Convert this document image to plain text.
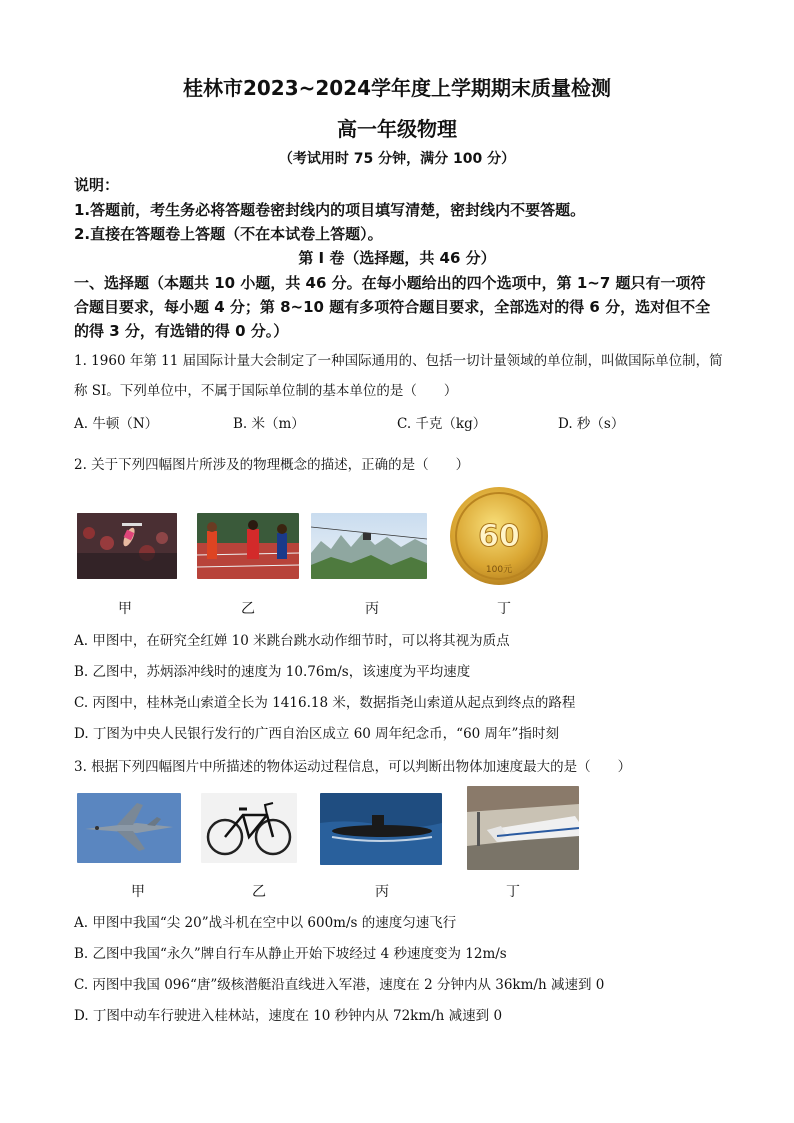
桂林市2023~2024学年度上学期期末质量检测
高一年级物理
（考试用时 75 分钟，满分 100 分）
说明：
1.答题前，考生务必将答题卷密封线内的项目填写清楚，密封线内不要答题。
2.直接在答题卷上答题（不在本试卷上答题）。
第 I 卷（选择题，共 46 分）
一、选择题（本题共 10 小题，共 46 分。在每小题给出的四个选项中，第 1~7 题只有一项符
合题目要求，每小题 4 分；第 8~10 题有多项符合题目要求，全部选对的得 6 分，选对但不全
的得 3 分，有选错的得 0 分。）
1. 1960 年第 11 届国际计量大会制定了一种国际通用的、包括一切计量领域的单位制，叫做国际单位制，简
称 SI。下列单位中，不属于国际单位制的基本单位的是（　　）
A. 牛顿（N）	B. 米（m）	C. 千克（kg）	D. 秒（s）
2. 关于下列四幅图片所涉及的物理概念的描述，正确的是（　　）
60
100元
甲	乙	丙	丁
A. 甲图中，在研究全红婵 10 米跳台跳水动作细节时，可以将其视为质点
B. 乙图中，苏炳添冲线时的速度为 10.76m/s，该速度为平均速度
C. 丙图中，桂林尧山索道全长为 1416.18 米，数据指尧山索道从起点到终点的路程
D. 丁图为中央人民银行发行的广西自治区成立 60 周年纪念币，“60 周年”指时刻
3. 根据下列四幅图片中所描述的物体运动过程信息，可以判断出物体加速度最大的是（　　）
甲	乙	丙	丁
A. 甲图中我国“尖 20”战斗机在空中以 600m/s 的速度匀速飞行
B. 乙图中我国“永久”牌自行车从静止开始下坡经过 4 秒速度变为 12m/s
C. 丙图中我国 096“唐”级核潜艇沿直线进入军港，速度在 2 分钟内从 36km/h 减速到 0
D. 丁图中动车行驶进入桂林站，速度在 10 秒钟内从 72km/h 减速到 0
